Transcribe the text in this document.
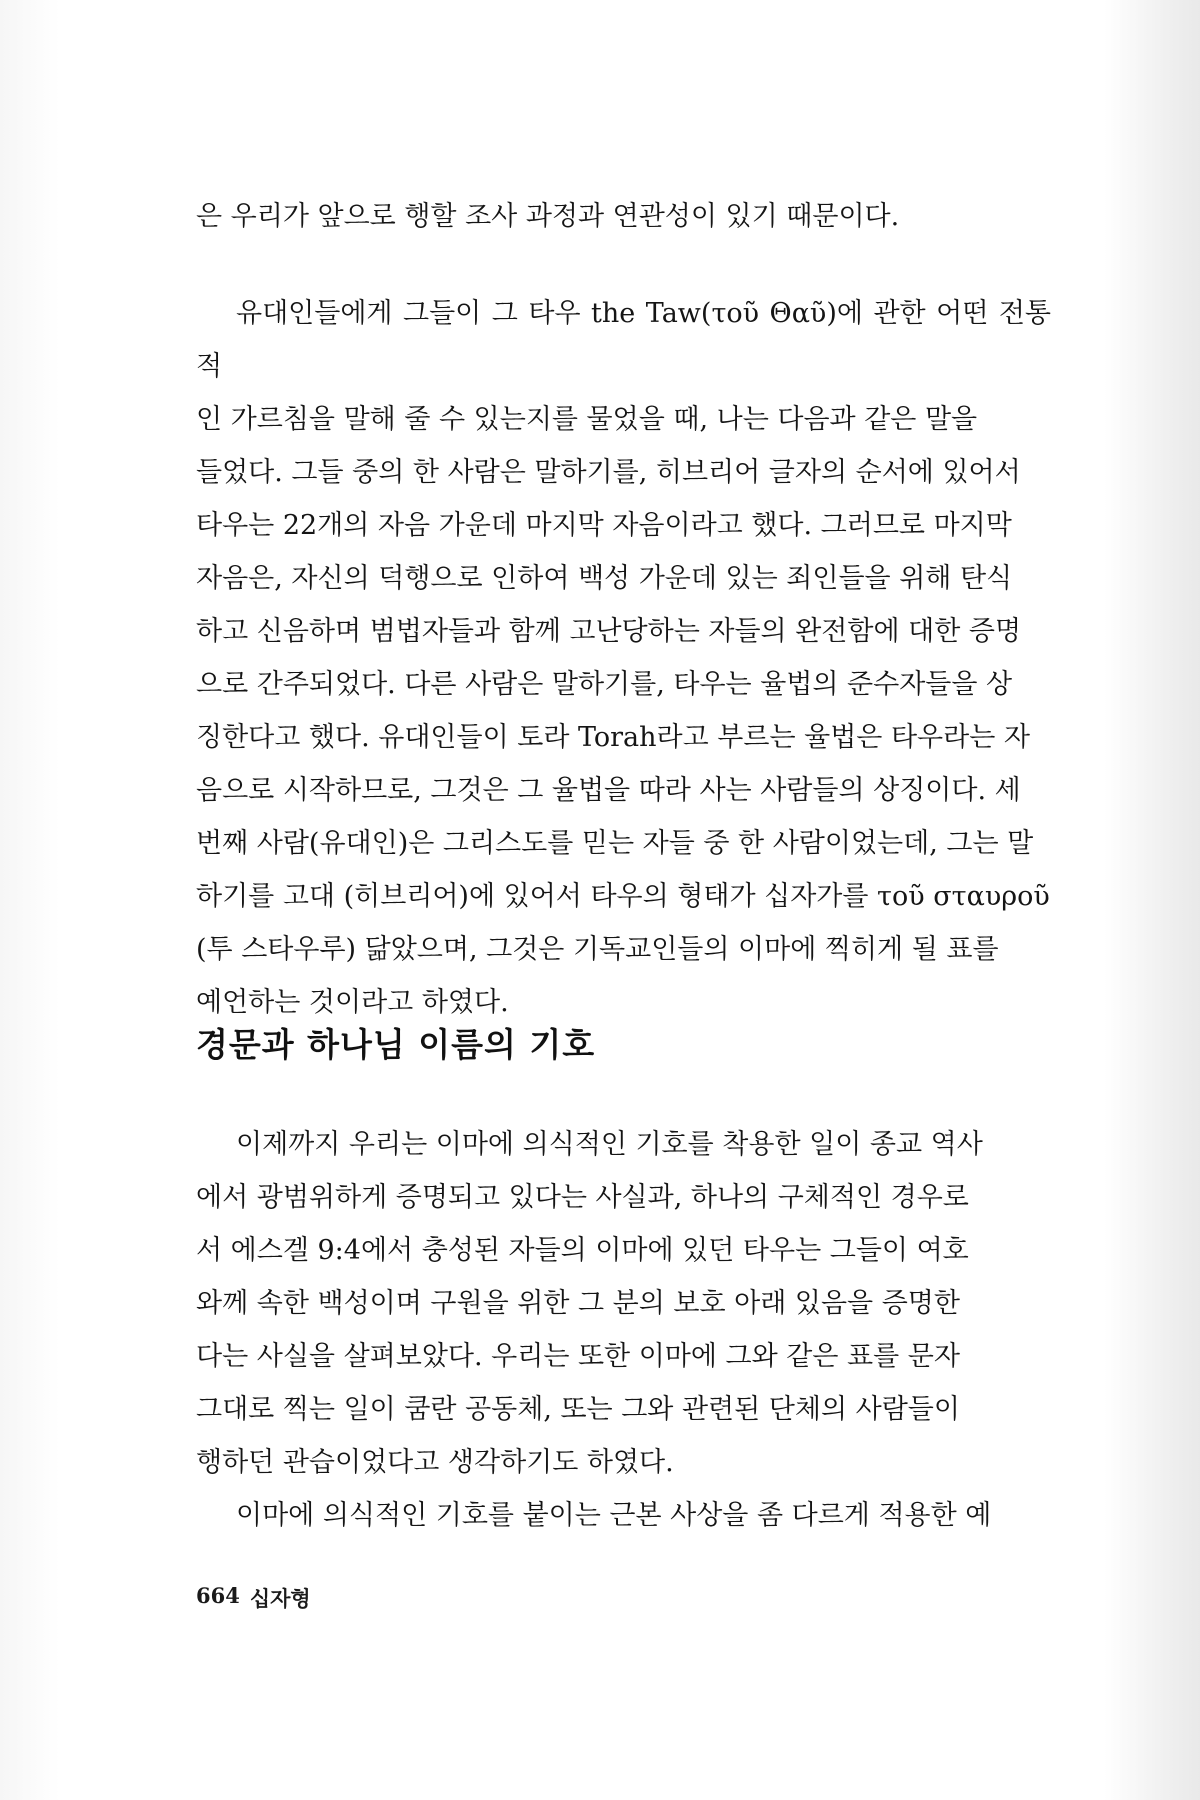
은 우리가 앞으로 행할 조사 과정과 연관성이 있기 때문이다.

유대인들에게 그들이 그 타우 the Taw(τοῦ Θαῦ)에 관한 어떤 전통적
인 가르침을 말해 줄 수 있는지를 물었을 때, 나는 다음과 같은 말을
들었다. 그들 중의 한 사람은 말하기를, 히브리어 글자의 순서에 있어서
타우는 22개의 자음 가운데 마지막 자음이라고 했다. 그러므로 마지막
자음은, 자신의 덕행으로 인하여 백성 가운데 있는 죄인들을 위해 탄식
하고 신음하며 범법자들과 함께 고난당하는 자들의 완전함에 대한 증명
으로 간주되었다. 다른 사람은 말하기를, 타우는 율법의 준수자들을 상
징한다고 했다. 유대인들이 토라 Torah라고 부르는 율법은 타우라는 자
음으로 시작하므로, 그것은 그 율법을 따라 사는 사람들의 상징이다. 세
번째 사람(유대인)은 그리스도를 믿는 자들 중 한 사람이었는데, 그는 말
하기를 고대 (히브리어)에 있어서 타우의 형태가 십자가를 τοῦ σταυροῦ
(투 스타우루) 닮았으며, 그것은 기독교인들의 이마에 찍히게 될 표를
예언하는 것이라고 하였다.

경문과 하나님 이름의 기호

이제까지 우리는 이마에 의식적인 기호를 착용한 일이 종교 역사
에서 광범위하게 증명되고 있다는 사실과, 하나의 구체적인 경우로
서 에스겔 9:4에서 충성된 자들의 이마에 있던 타우는 그들이 여호
와께 속한 백성이며 구원을 위한 그 분의 보호 아래 있음을 증명한
다는 사실을 살펴보았다. 우리는 또한 이마에 그와 같은 표를 문자
그대로 찍는 일이 쿰란 공동체, 또는 그와 관련된 단체의 사람들이
행하던 관습이었다고 생각하기도 하였다.

이마에 의식적인 기호를 붙이는 근본 사상을 좀 다르게 적용한 예

664 십자형
